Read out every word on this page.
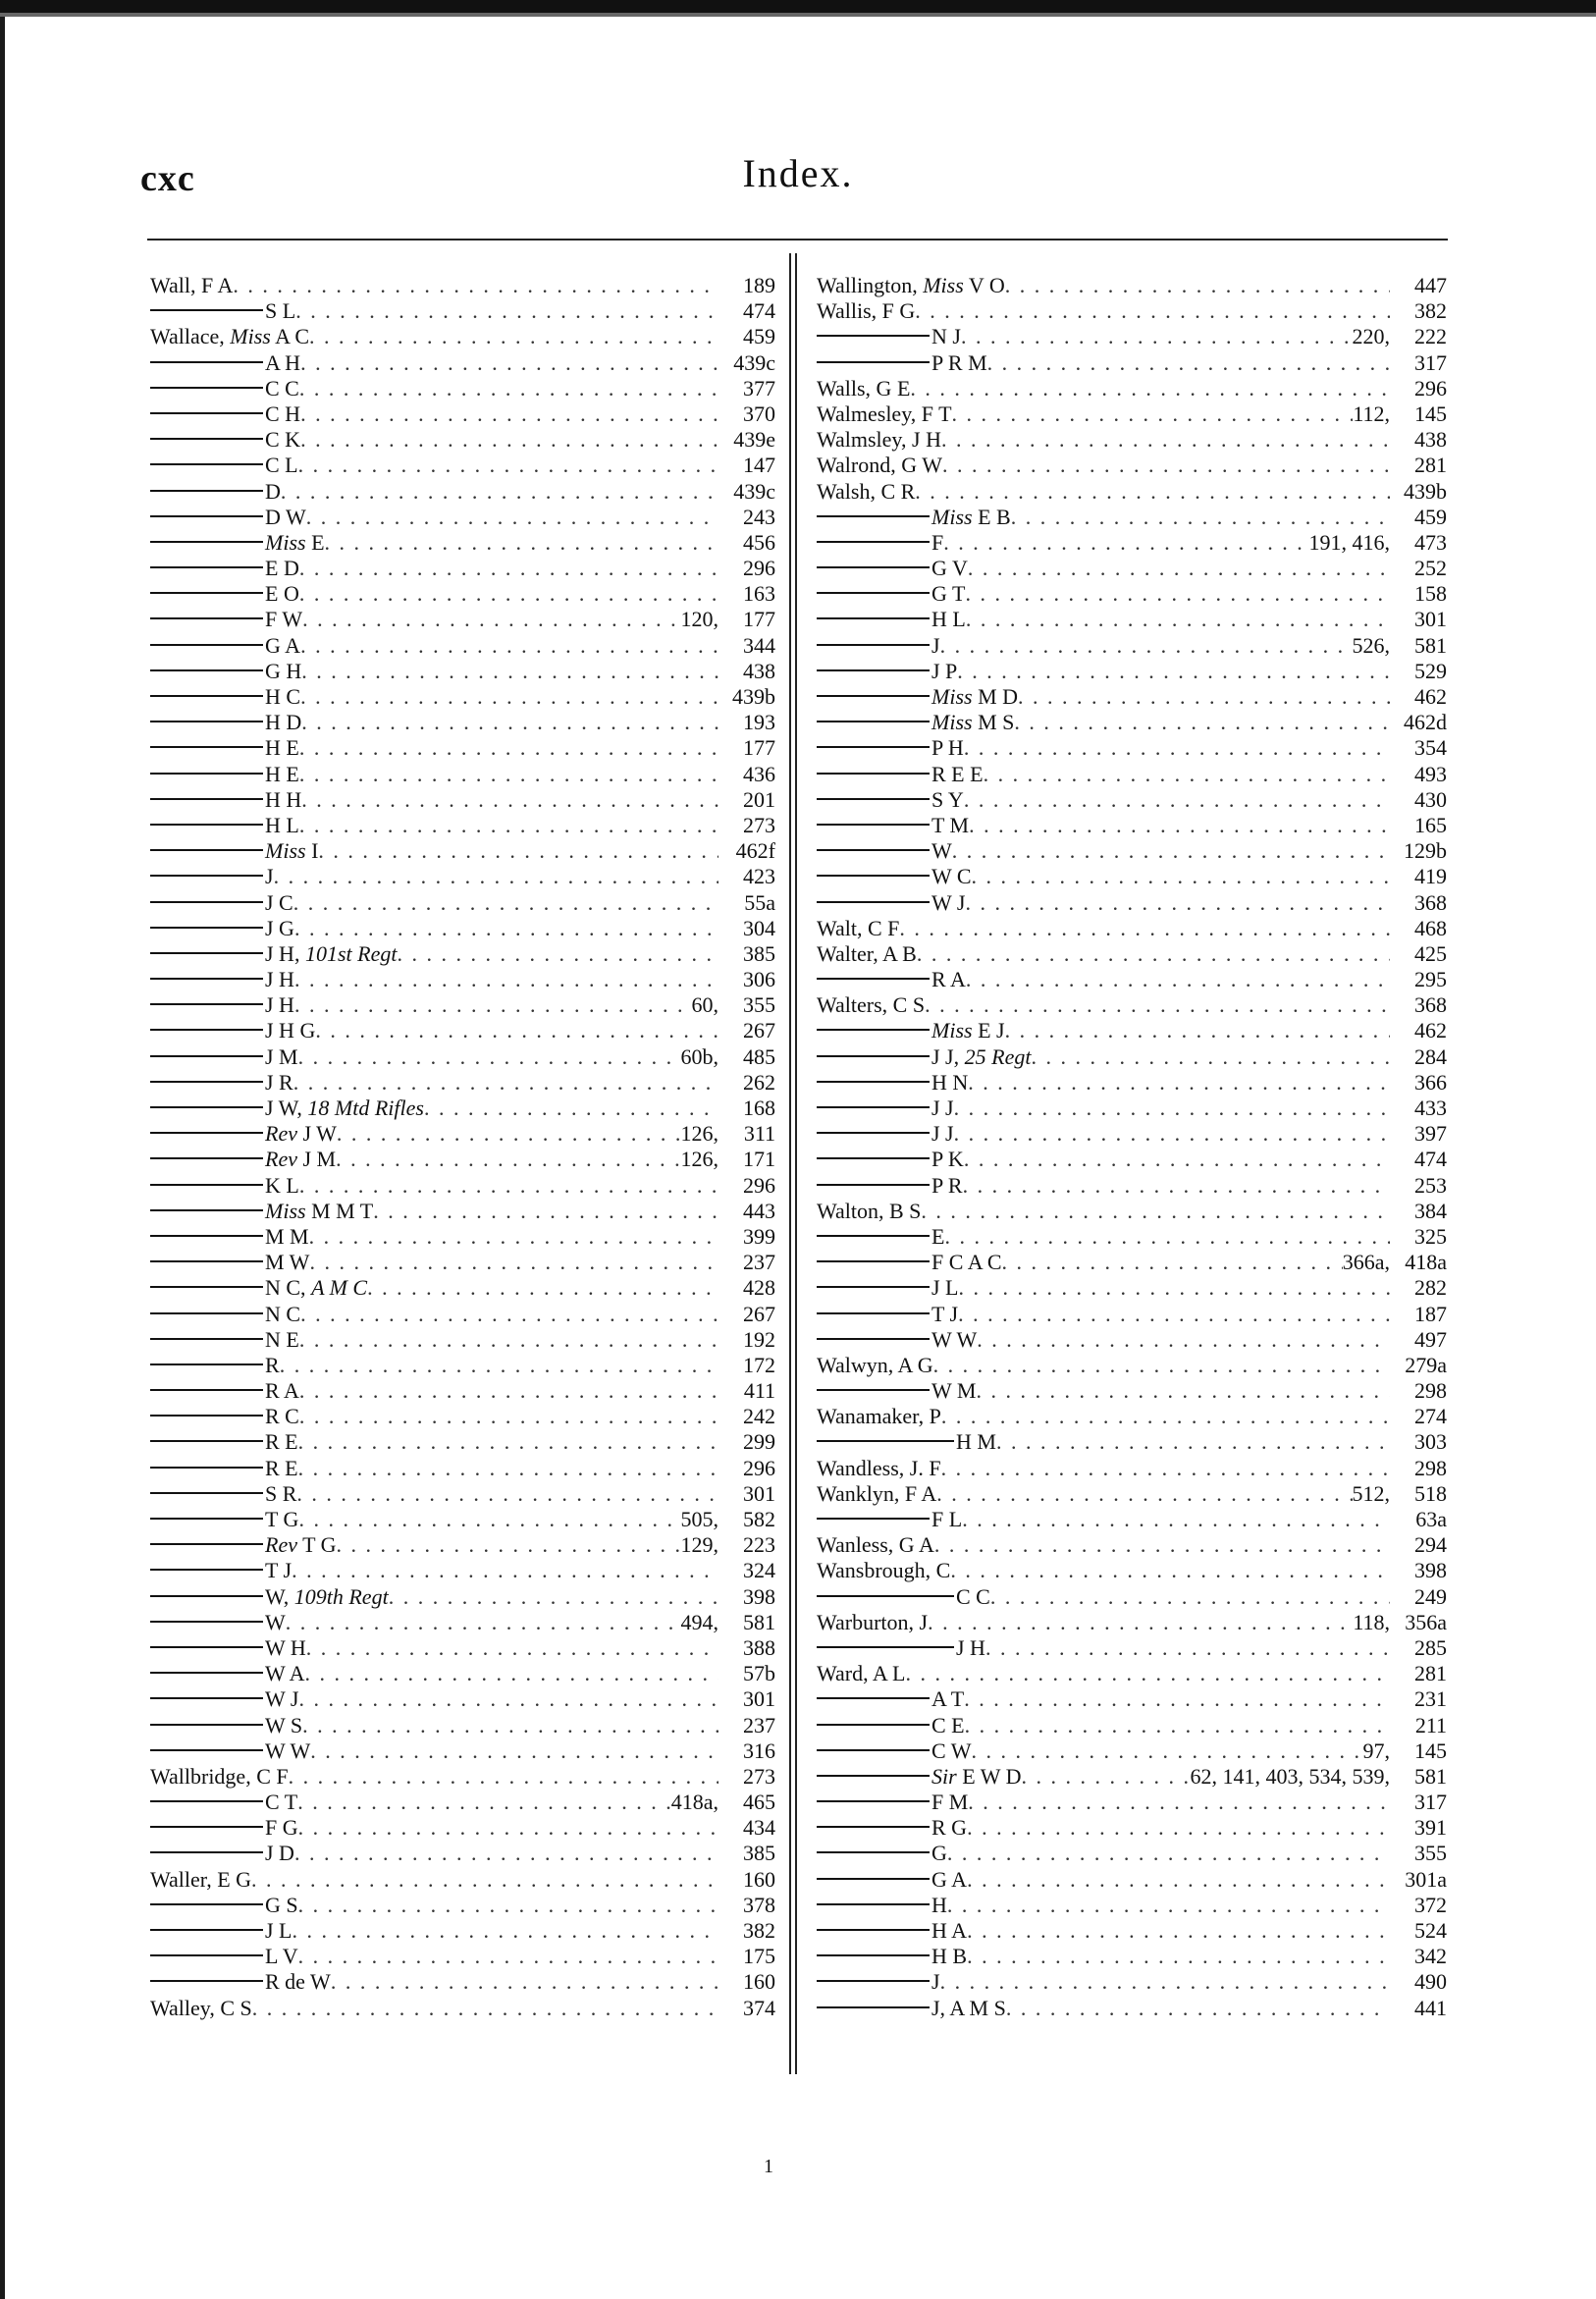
cxc	Index.
Wall, F A . . .	189
S L . . .	474
Wallace, Miss A C . . .	459
A H . . .	439c
C C . . .	377
C H . . .	370
C K . . .	439e
C L . . .	147
D . . .	439c
D W . . .	243
Miss E . . .	456
E D . . .	296
E O . . .	163
F W . . .	120,	177
G A . . .	344
G H . . .	438
H C . . .	439b
H D . . .	193
H E . . .	177
H E . . .	436
H H . . .	201
H L . . .	273
Miss I . . .	462f
J . . .	423
J C . . .	55a
J G . . .	304
J H, 101st Regt . . .	385
J H . . .	306
J H . . .	60,	355
J H G . . .	267
J M . . .	60b,	485
J R . . .	262
J W, 18 Mtd Rifles . . .	168
Rev J W . . .	126,	311
Rev J M . . .	126,	171
K L . . .	296
Miss M M T . . .	443
M M . . .	399
M W . . .	237
N C, A M C . . .	428
N C . . .	267
N E . . .	192
R . . .	172
R A . . .	411
R C . . .	242
R E . . .	299
R E . . .	296
S R . . .	301
T G . . .	505,	582
Rev T G . . .	129,	223
T J . . .	324
W, 109th Regt . . .	398
W . . .	494,	581
W H . . .	388
W A . . .	57b
W J . . .	301
W S . . .	237
W W . . .	316
Wallbridge, C F . . .	273
C T . . .	418a,	465
F G . . .	434
J D . . .	385
Waller, E G . . .	160
G S . . .	378
J L . . .	382
L V . . .	175
R de W . . .	160
Walley, C S . . .	374
Wallington, Miss V O . . .	447
Wallis, F G . . .	382
N J . . .	220,	222
P R M . . .	317
Walls, G E . . .	296
Walmesley, F T . . .	112,	145
Walmsley, J H . . .	438
Walrond, G W . . .	281
Walsh, C R . . .	439b
Miss E B . . .	459
F . . .	191, 416,	473
G V . . .	252
G T . . .	158
H L . . .	301
J . . .	526,	581
J P . . .	529
Miss M D . . .	462
Miss M S . . .	462d
P H . . .	354
R E E . . .	493
S Y . . .	430
T M . . .	165
W . . .	129b
W C . . .	419
W J . . .	368
Walt, C F . . .	468
Walter, A B . . .	425
R A . . .	295
Walters, C S . . .	368
Miss E J . . .	462
J J, 25 Regt . . .	284
H N . . .	366
J J . . .	433
J J . . .	397
P K . . .	474
P R . . .	253
Walton, B S . . .	384
E . . .	325
F C A C . . .	366a, 418a
J L . . .	282
T J . . .	187
W W . . .	497
Walwyn, A G . . .	279a
W M . . .	298
Wanamaker, P . . .	274
H M . . .	303
Wandless, J. F . . .	298
Wanklyn, F A . . .	512,	518
F L . . .	63a
Wanless, G A . . .	294
Wansbrough, C . . .	398
C C . . .	249
Warburton, J . . .	118, 356a
J H . . .	285
Ward, A L . . .	281
A T . . .	231
C E . . .	211
C W . . .	97,	145
Sir E W D . . .	62, 141, 403, 534, 539,	581
F M . . .	317
R G . . .	391
G . . .	355
G A . . .	301a
H . . .	372
H A . . .	524
H B . . .	342
J . . .	490
J, A M S . . .	441
1
